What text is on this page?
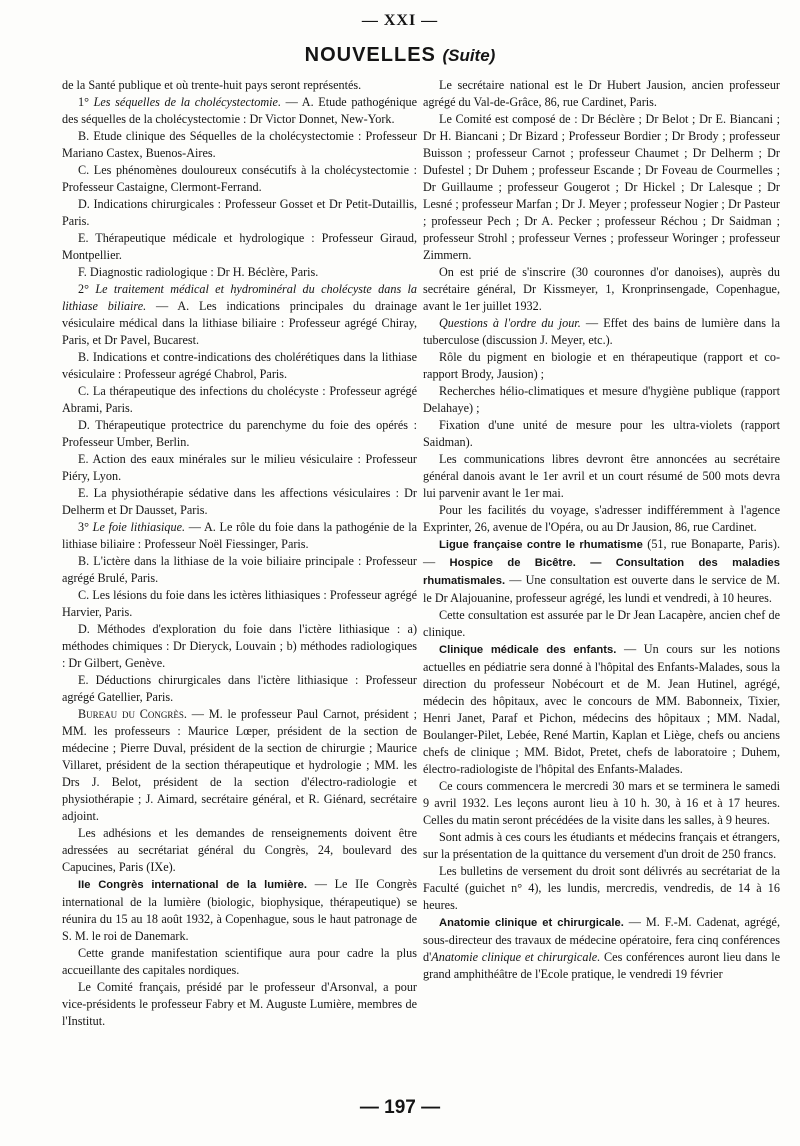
— XXI —
NOUVELLES (Suite)

de la Santé publique et où trente-huit pays seront représentés.

1° Les séquelles de la cholécystectomie. — A. Etude pathogénique des séquelles de la cholécystectomie : Dr Victor Donnet, New-York.

B. Etude clinique des Séquelles de la cholécystectomie : Professeur Mariano Castex, Buenos-Aires.

C. Les phénomènes douloureux consécutifs à la cholécystectomie : Professeur Castaigne, Clermont-Ferrand.

D. Indications chirurgicales : Professeur Gosset et Dr Petit-Dutaillis, Paris.

E. Thérapeutique médicale et hydrologique : Professeur Giraud, Montpellier.

F. Diagnostic radiologique : Dr H. Béclère, Paris.

2° Le traitement médical et hydrominéral du cholécyste dans la lithiase biliaire. — A. Les indications principales du drainage vésiculaire médical dans la lithiase biliaire : Professeur agrégé Chiray, Paris, et Dr Pavel, Bucarest.

B. Indications et contre-indications des cholérétiques dans la lithiase vésiculaire : Professeur agrégé Chabrol, Paris.

C. La thérapeutique des infections du cholécyste : Professeur agrégé Abrami, Paris.

D. Thérapeutique protectrice du parenchyme du foie des opérés : Professeur Umber, Berlin.

E. Action des eaux minérales sur le milieu vésiculaire : Professeur Piéry, Lyon.

E. La physiothérapie sédative dans les affections vésiculaires : Dr Delherm et Dr Dausset, Paris.

3° Le foie lithiasique. — A. Le rôle du foie dans la pathogénie de la lithiase biliaire : Professeur Noël Fiessinger, Paris.

B. L'ictère dans la lithiase de la voie biliaire principale : Professeur agrégé Brulé, Paris.

C. Les lésions du foie dans les ictères lithiasiques : Professeur agrégé Harvier, Paris.

D. Méthodes d'exploration du foie dans l'ictère lithiasique : a) méthodes chimiques : Dr Dieryck, Louvain ; b) méthodes radiologiques : Dr Gilbert, Genève.

E. Déductions chirurgicales dans l'ictère lithiasique : Professeur agrégé Gatellier, Paris.

Bureau du Congrès. — M. le professeur Paul Carnot, président ; MM. les professeurs : Maurice Lœper, président de la section de médecine ; Pierre Duval, président de la section de chirurgie ; Maurice Villaret, président de la section thérapeutique et hydrologie ; MM. les Drs J. Belot, président de la section d'électro-radiologie et physiothérapie ; J. Aimard, secrétaire général, et R. Giénard, secrétaire adjoint.

Les adhésions et les demandes de renseignements doivent être adressées au secrétariat général du Congrès, 24, boulevard des Capucines, Paris (IXe).

IIe Congrès international de la lumière. — Le IIe Congrès international de la lumière (biologic, biophysique, thérapeutique) se réunira du 15 au 18 août 1932, à Copenhague, sous le haut patronage de S. M. le roi de Danemark.

Cette grande manifestation scientifique aura pour cadre la plus accueillante des capitales nordiques.

Le Comité français, présidé par le professeur d'Arsonval, a pour vice-présidents le professeur Fabry et M. Auguste Lumière, membres de l'Institut.

Le secrétaire national est le Dr Hubert Jausion, ancien professeur agrégé du Val-de-Grâce, 86, rue Cardinet, Paris.

Le Comité est composé de : Dr Béclère ; Dr Belot ; Dr E. Biancani ; Dr H. Biancani ; Dr Bizard ; Professeur Bordier ; Dr Brody ; professeur Buisson ; professeur Carnot ; professeur Chaumet ; Dr Delherm ; Dr Dufestel ; Dr Duhem ; professeur Escande ; Dr Foveau de Courmelles ; Dr Guillaume ; professeur Gougerot ; Dr Hickel ; Dr Lalesque ; Dr Lesné ; professeur Marfan ; Dr J. Meyer ; professeur Nogier ; Dr Pasteur ; professeur Pech ; Dr A. Pecker ; professeur Réchou ; Dr Saidman ; professeur Strohl ; professeur Vernes ; professeur Woringer ; professeur Zimmern.

On est prié de s'inscrire (30 couronnes d'or danoises), auprès du secrétaire général, Dr Kissmeyer, 1, Kronprinsengade, Copenhague, avant le 1er juillet 1932.

Questions à l'ordre du jour. — Effet des bains de lumière dans la tuberculose (discussion J. Meyer, etc.).

Rôle du pigment en biologie et en thérapeutique (rapport et co-rapport Brody, Jausion) ;

Recherches hélio-climatiques et mesure d'hygiène publique (rapport Delahaye) ;

Fixation d'une unité de mesure pour les ultra-violets (rapport Saidman).

Les communications libres devront être annoncées au secrétaire général danois avant le 1er avril et un court résumé de 500 mots devra lui parvenir avant le 1er mai.

Pour les facilités du voyage, s'adresser indifféremment à l'agence Exprinter, 26, avenue de l'Opéra, ou au Dr Jausion, 86, rue Cardinet.

Ligue française contre le rhumatisme (51, rue Bonaparte, Paris). — Hospice de Bicêtre. — Consultation des maladies rhumatismales. — Une consultation est ouverte dans le service de M. le Dr Alajouanine, professeur agrégé, les lundi et vendredi, à 10 heures.

Cette consultation est assurée par le Dr Jean Lacapère, ancien chef de clinique.

Clinique médicale des enfants. — Un cours sur les notions actuelles en pédiatrie sera donné à l'hôpital des Enfants-Malades, sous la direction du professeur Nobécourt et de M. Jean Hutinel, agrégé, médecin des hôpitaux, avec le concours de MM. Babonneix, Tixier, Henri Janet, Paraf et Pichon, médecins des hôpitaux ; MM. Nadal, Boulanger-Pilet, Lebée, René Martin, Kaplan et Liège, chefs ou anciens chefs de clinique ; MM. Bidot, Pretet, chefs de laboratoire ; Duhem, électro-radiologiste de l'hôpital des Enfants-Malades.

Ce cours commencera le mercredi 30 mars et se terminera le samedi 9 avril 1932. Les leçons auront lieu à 10 h. 30, à 16 et à 17 heures. Celles du matin seront précédées de la visite dans les salles, à 9 heures.

Sont admis à ces cours les étudiants et médecins français et étrangers, sur la présentation de la quittance du versement d'un droit de 250 francs.

Les bulletins de versement du droit sont délivrés au secrétariat de la Faculté (guichet n° 4), les lundis, mercredis, vendredis, de 14 à 16 heures.

Anatomie clinique et chirurgicale. — M. F.-M. Cadenat, agrégé, sous-directeur des travaux de médecine opératoire, fera cinq conférences d'Anatomie clinique et chirurgicale. Ces conférences auront lieu dans le grand amphithéâtre de l'Ecole pratique, le vendredi 19 février

— 197 —
